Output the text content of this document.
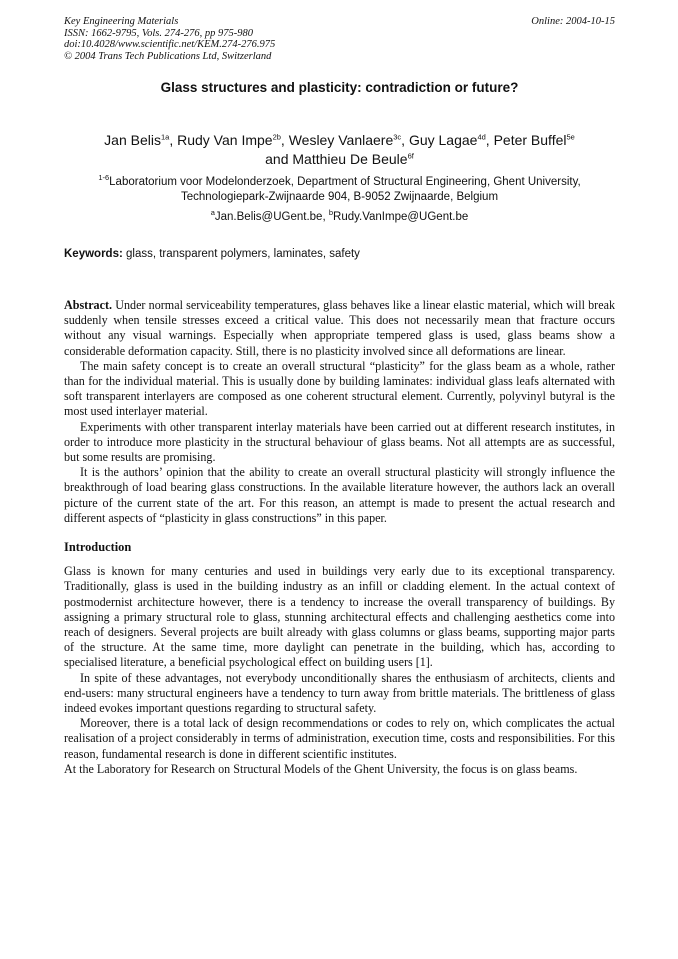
Key Engineering Materials
ISSN: 1662-9795, Vols. 274-276, pp 975-980
doi:10.4028/www.scientific.net/KEM.274-276.975
© 2004 Trans Tech Publications Ltd, Switzerland
Online: 2004-10-15
Glass structures and plasticity: contradiction or future?
Jan Belis$^{1a}$, Rudy Van Impe$^{2b}$, Wesley Vanlaere$^{3c}$, Guy Lagae$^{4d}$, Peter Buffel$^{5e}$
and Matthieu De Beule$^{6f}$
$^{1-6}$Laboratorium voor Modelonderzoek, Department of Structural Engineering, Ghent University,
Technologiepark-Zwijnaarde 904, B-9052 Zwijnaarde, Belgium
$^a$Jan.Belis@UGent.be, $^b$Rudy.VanImpe@UGent.be
Keywords: glass, transparent polymers, laminates, safety

Abstract. Under normal serviceability temperatures, glass behaves like a linear elastic material, which will break suddenly when tensile stresses exceed a critical value. This does not necessarily mean that fracture occurs without any visual warnings. Especially when appropriate tempered glass is used, glass beams show a considerable deformation capacity. Still, there is no plasticity involved since all deformations are linear.

The main safety concept is to create an overall structural “plasticity” for the glass beam as a whole, rather than for the individual material. This is usually done by building laminates: individual glass leafs alternated with soft transparent interlayers are composed as one coherent structural element. Currently, polyvinyl butyral is the most used interlayer material.

Experiments with other transparent interlay materials have been carried out at different research institutes, in order to introduce more plasticity in the structural behaviour of glass beams. Not all attempts are as successful, but some results are promising.

It is the authors’ opinion that the ability to create an overall structural plasticity will strongly influence the breakthrough of load bearing glass constructions. In the available literature however, the authors lack an overall picture of the current state of the art. For this reason, an attempt is made to present the actual research and different aspects of “plasticity in glass constructions” in this paper.

Introduction

Glass is known for many centuries and used in buildings very early due to its exceptional transparency. Traditionally, glass is used in the building industry as an infill or cladding element. In the actual context of postmodernist architecture however, there is a tendency to increase the overall transparency of buildings. By assigning a primary structural role to glass, stunning architectural effects and challenging aesthetics come into reach of designers. Several projects are built already with glass columns or glass beams, supporting major parts of the structure. At the same time, more daylight can penetrate in the building, which has, according to specialised literature, a beneficial psychological effect on building users [1].

In spite of these advantages, not everybody unconditionally shares the enthusiasm of architects, clients and end-users: many structural engineers have a tendency to turn away from brittle materials. The brittleness of glass indeed evokes important questions regarding to structural safety.

Moreover, there is a total lack of design recommendations or codes to rely on, which complicates the actual realisation of a project considerably in terms of administration, execution time, costs and responsibilities. For this reason, fundamental research is done in different scientific institutes.

At the Laboratory for Research on Structural Models of the Ghent University, the focus is on glass beams.
